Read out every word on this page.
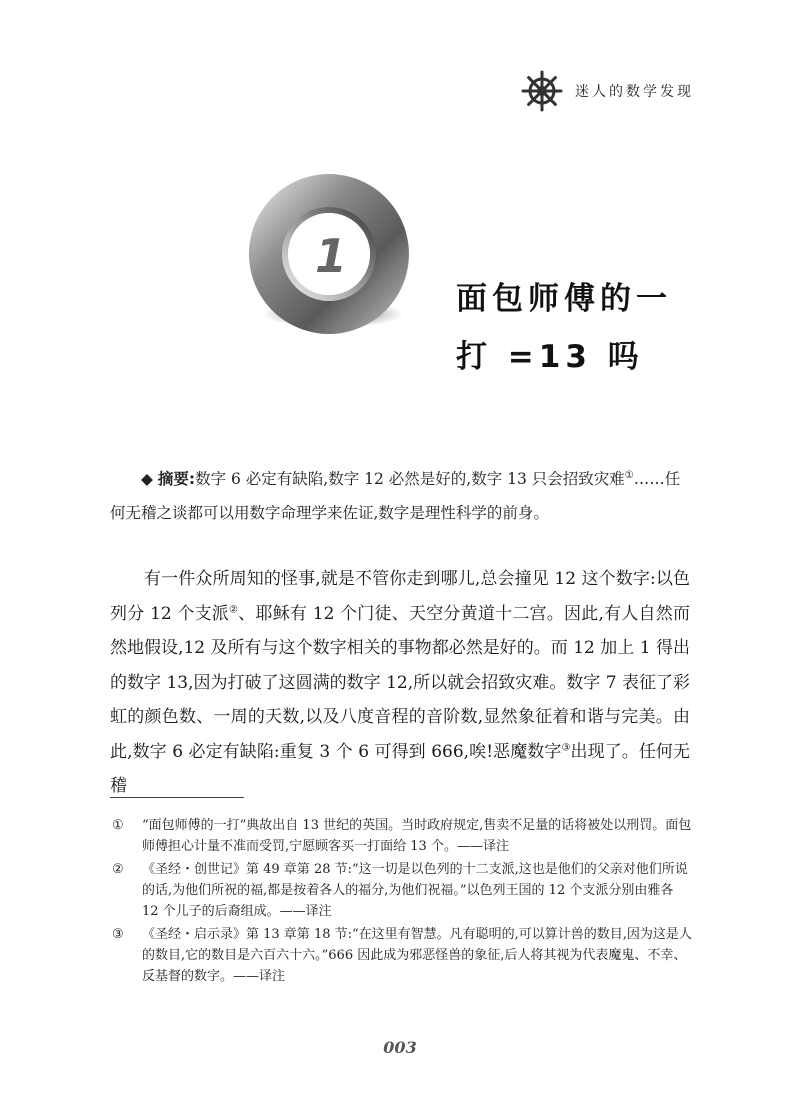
迷人的数学发现
1
面包师傅的一
打 =13 吗

◆ 摘要:数字 6 必定有缺陷,数字 12 必然是好的,数字 13 只会招致灾难①……任何无稽之谈都可以用数字命理学来佐证,数字是理性科学的前身。

有一件众所周知的怪事,就是不管你走到哪儿,总会撞见 12 这个数字:以色列分 12 个支派②、耶稣有 12 个门徒、天空分黄道十二宫。因此,有人自然而然地假设,12 及所有与这个数字相关的事物都必然是好的。而 12 加上 1 得出的数字 13,因为打破了这圆满的数字 12,所以就会招致灾难。数字 7 表征了彩虹的颜色数、一周的天数,以及八度音程的音阶数,显然象征着和谐与完美。由此,数字 6 必定有缺陷:重复 3 个 6 可得到 666,唉!恶魔数字③出现了。任何无稽

①	“面包师傅的一打”典故出自 13 世纪的英国。当时政府规定,售卖不足量的话将被处以刑罚。面包师傅担心计量不准而受罚,宁愿顾客买一打面给 13 个。——译注
②	《圣经・创世记》第 49 章第 28 节:“这一切是以色列的十二支派,这也是他们的父亲对他们所说的话,为他们所祝的福,都是按着各人的福分,为他们祝福。”以色列王国的 12 个支派分别由雅各 12 个儿子的后裔组成。——译注
③	《圣经・启示录》第 13 章第 18 节:“在这里有智慧。凡有聪明的,可以算计兽的数目,因为这是人的数目,它的数目是六百六十六。”666 因此成为邪恶怪兽的象征,后人将其视为代表魔鬼、不幸、反基督的数字。——译注
003
